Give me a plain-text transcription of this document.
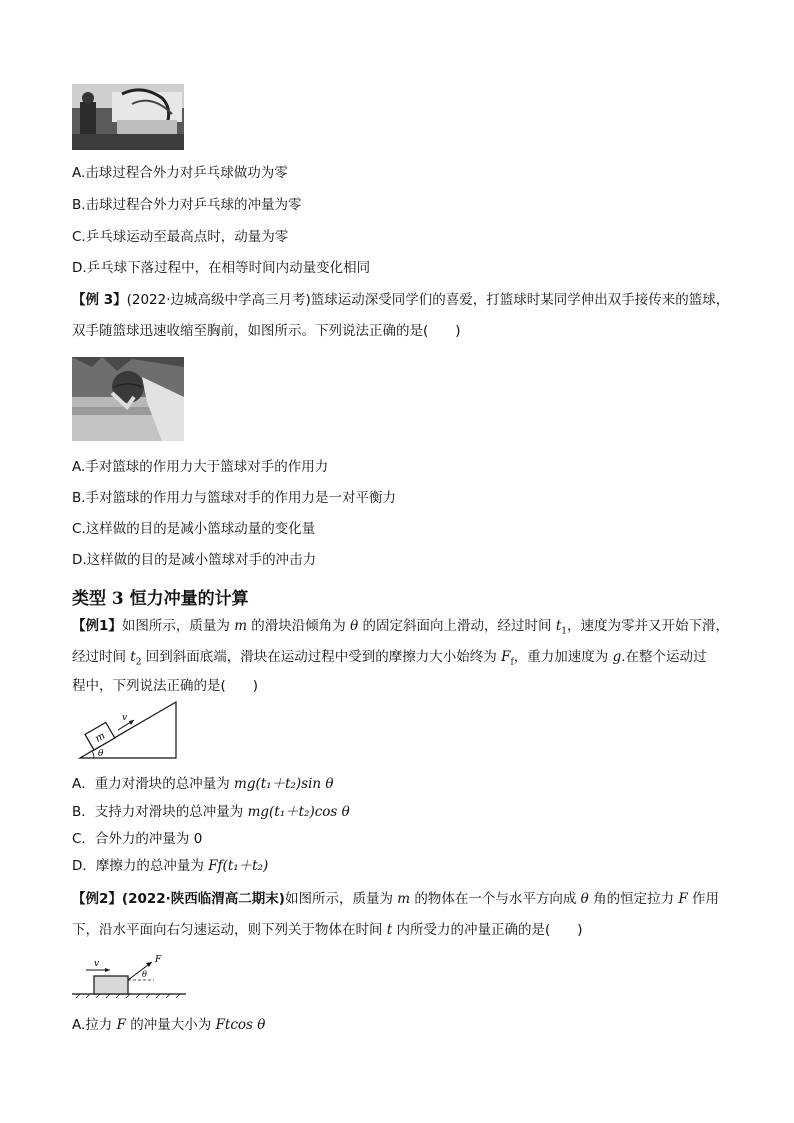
A.击球过程合外力对乒乓球做功为零
B.击球过程合外力对乒乓球的冲量为零
C.乒乓球运动至最高点时，动量为零
D.乒乓球下落过程中，在相等时间内动量变化相同
【例 3】(2022·边城高级中学高三月考)篮球运动深受同学们的喜爱，打篮球时某同学伸出双手接传来的篮球，
双手随篮球迅速收缩至胸前，如图所示。下列说法正确的是(　　)
A.手对篮球的作用力大于篮球对手的作用力
B.手对篮球的作用力与篮球对手的作用力是一对平衡力
C.这样做的目的是减小篮球动量的变化量
D.这样做的目的是减小篮球对手的冲击力
类型 3 恒力冲量的计算
【例1】如图所示，质量为 m 的滑块沿倾角为 θ 的固定斜面向上滑动，经过时间 $t_1$，速度为零并又开始下滑，
经过时间 $t_2$ 回到斜面底端，滑块在运动过程中受到的摩擦力大小始终为 $F_f$，重力加速度为 g.在整个运动过
程中，下列说法正确的是(　　)
m
v
θ
A．重力对滑块的总冲量为 mg(t₁＋t₂)sin θ
B．支持力对滑块的总冲量为 mg(t₁＋t₂)cos θ
C．合外力的冲量为 0
D．摩擦力的总冲量为 Ff(t₁＋t₂)
【例2】(2022·陕西临渭高二期末)如图所示，质量为 m 的物体在一个与水平方向成 θ 角的恒定拉力 F 作用
下，沿水平面向右匀速运动，则下列关于物体在时间 t 内所受力的冲量正确的是(　　)
v	F
θ
A.拉力 F 的冲量大小为 Ftcos θ
